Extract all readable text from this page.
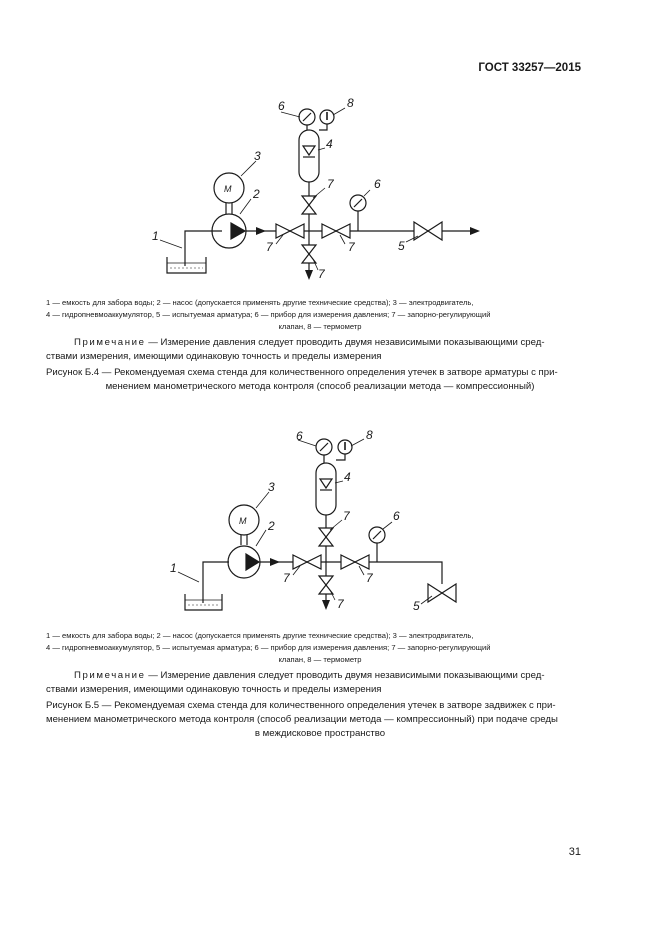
ГОСТ 33257—2015
1
2
3
4
5
6
6
7
7	7
7
8
М
1 — емкость для забора воды; 2 — насос (допускается применять другие технические средства); 3 — электродвигатель,
4 — гидропневмоаккумулятор, 5 — испытуемая арматура; 6 — прибор для измерения давления; 7 — запорно-регулирующий
клапан, 8 — термометр
Примечание — Измерение давления следует проводить двумя независимыми показывающими сред-
ствами измерения, имеющими одинаковую точность и пределы измерения
Рисунок Б.4 — Рекомендуемая схема стенда для количественного определения утечек в затворе арматуры с при-
менением манометрического метода контроля (способ реализации метода — компрессионный)
1
2
3
4
5
6
6
7
7	7
7
8
М
1 — емкость для забора воды; 2 — насос (допускается применять другие технические средства); 3 — электродвигатель,
4 — гидропневмоаккумулятор, 5 — испытуемая арматура; 6 — прибор для измерения давления; 7 — запорно-регулирующий
клапан, 8 — термометр
Примечание — Измерение давления следует проводить двумя независимыми показывающими сред-
ствами измерения, имеющими одинаковую точность и пределы измерения
Рисунок Б.5 — Рекомендуемая схема стенда для количественного определения утечек в затворе задвижек с при-
менением манометрического метода контроля (способ реализации метода — компрессионный) при подаче среды
в междисковое пространство
31
